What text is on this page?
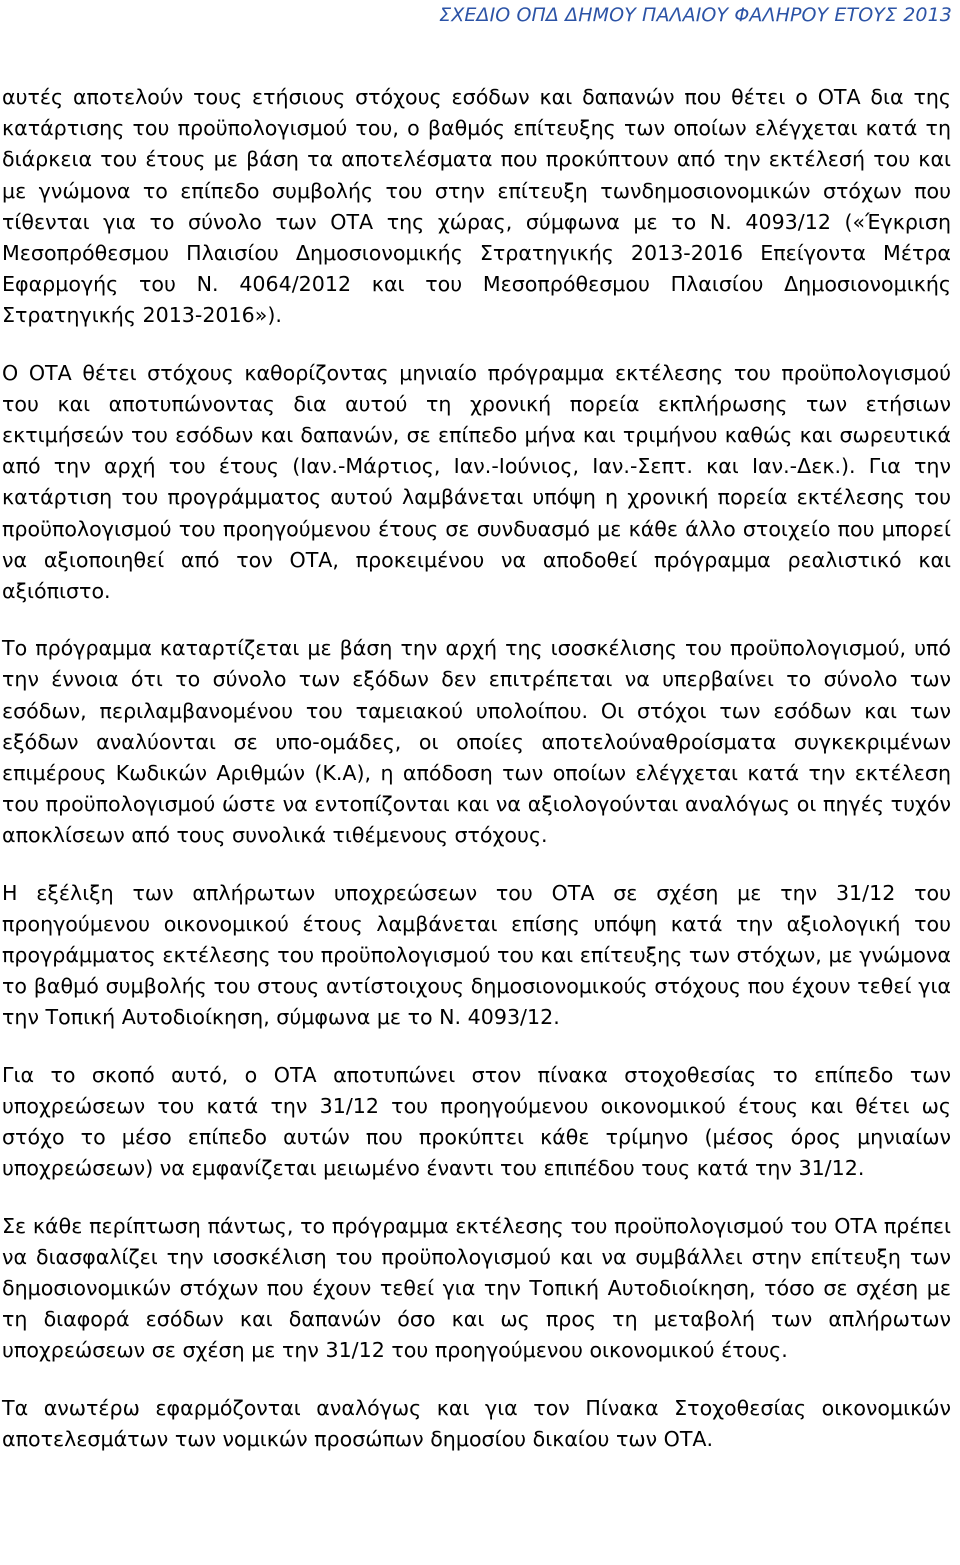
ΣΧΕΔΙΟ ΟΠΔ ΔΗΜΟΥ ΠΑΛΑΙΟΥ ΦΑΛΗΡΟΥ ΕΤΟΥΣ 2013

αυτές αποτελούν τους ετήσιους στόχους εσόδων και δαπανών που θέτει ο ΟΤΑ δια της κατάρτισης του προϋπολογισμού του, ο βαθμός επίτευξης των οποίων ελέγχεται κατά τη διάρκεια του έτους με βάση τα αποτελέσματα που προκύπτουν από την εκτέλεσή του και με γνώμονα το επίπεδο συμβολής του στην επίτευξη τωνδημοσιονομικών στόχων που τίθενται για το σύνολο των ΟΤΑ της χώρας, σύμφωνα με το Ν. 4093/12 («Έγκριση Μεσοπρόθεσμου Πλαισίου Δημοσιονομικής Στρατηγικής 2013-2016 Επείγοντα Μέτρα Εφαρμογής του Ν. 4064/2012 και του Μεσοπρόθεσμου Πλαισίου Δημοσιονομικής Στρατηγικής 2013-2016»).

Ο ΟΤΑ θέτει στόχους καθορίζοντας μηνιαίο πρόγραμμα εκτέλεσης του προϋπολογισμού του και αποτυπώνοντας δια αυτού τη χρονική πορεία εκπλήρωσης των ετήσιων εκτιμήσεών του εσόδων και δαπανών, σε επίπεδο μήνα και τριμήνου καθώς και σωρευτικά από την αρχή του έτους (Ιαν.-Μάρτιος, Ιαν.-Ιούνιος, Ιαν.-Σεπτ. και Ιαν.-Δεκ.). Για την κατάρτιση του προγράμματος αυτού λαμβάνεται υπόψη η χρονική πορεία εκτέλεσης του προϋπολογισμού του προηγούμενου έτους σε συνδυασμό με κάθε άλλο στοιχείο που μπορεί να αξιοποιηθεί από τον ΟΤΑ, προκειμένου να αποδοθεί πρόγραμμα ρεαλιστικό και αξιόπιστο.

Το πρόγραμμα καταρτίζεται με βάση την αρχή της ισοσκέλισης του προϋπολογισμού, υπό την έννοια ότι το σύνολο των εξόδων δεν επιτρέπεται να υπερβαίνει το σύνολο των εσόδων, περιλαμβανομένου του ταμειακού υπολοίπου. Οι στόχοι των εσόδων και των εξόδων αναλύονται σε υπο-ομάδες, οι οποίες αποτελούναθροίσματα συγκεκριμένων επιμέρους Κωδικών Αριθμών (Κ.Α), η απόδοση των οποίων ελέγχεται κατά την εκτέλεση του προϋπολογισμού ώστε να εντοπίζονται και να αξιολογούνται αναλόγως οι πηγές τυχόν αποκλίσεων από τους συνολικά τιθέμενους στόχους.

Η εξέλιξη των απλήρωτων υποχρεώσεων του ΟΤΑ σε σχέση με την 31/12 του προηγούμενου οικονομικού έτους λαμβάνεται επίσης υπόψη κατά την αξιολογική του προγράμματος εκτέλεσης του προϋπολογισμού του και επίτευξης των στόχων, με γνώμονα το βαθμό συμβολής του στους αντίστοιχους δημοσιονομικούς στόχους που έχουν τεθεί για την Τοπική Αυτοδιοίκηση, σύμφωνα με το Ν. 4093/12.

Για το σκοπό αυτό, ο ΟΤΑ αποτυπώνει στον πίνακα στοχοθεσίας το επίπεδο των υποχρεώσεων του κατά την 31/12 του προηγούμενου οικονομικού έτους και θέτει ως στόχο το μέσο επίπεδο αυτών που προκύπτει κάθε τρίμηνο (μέσος όρος μηνιαίων υποχρεώσεων) να εμφανίζεται μειωμένο έναντι του επιπέδου τους κατά την 31/12.

Σε κάθε περίπτωση πάντως, το πρόγραμμα εκτέλεσης του προϋπολογισμού του ΟΤΑ πρέπει να διασφαλίζει την ισοσκέλιση του προϋπολογισμού και να συμβάλλει στην επίτευξη των δημοσιονομικών στόχων που έχουν τεθεί για την Τοπική Αυτοδιοίκηση, τόσο σε σχέση με τη διαφορά εσόδων και δαπανών όσο και ως προς τη μεταβολή των απλήρωτων υποχρεώσεων σε σχέση με την 31/12 του προηγούμενου οικονομικού έτους.

Τα ανωτέρω εφαρμόζονται αναλόγως και για τον Πίνακα Στοχοθεσίας οικονομικών αποτελεσμάτων των νομικών προσώπων δημοσίου δικαίου των ΟΤΑ.
